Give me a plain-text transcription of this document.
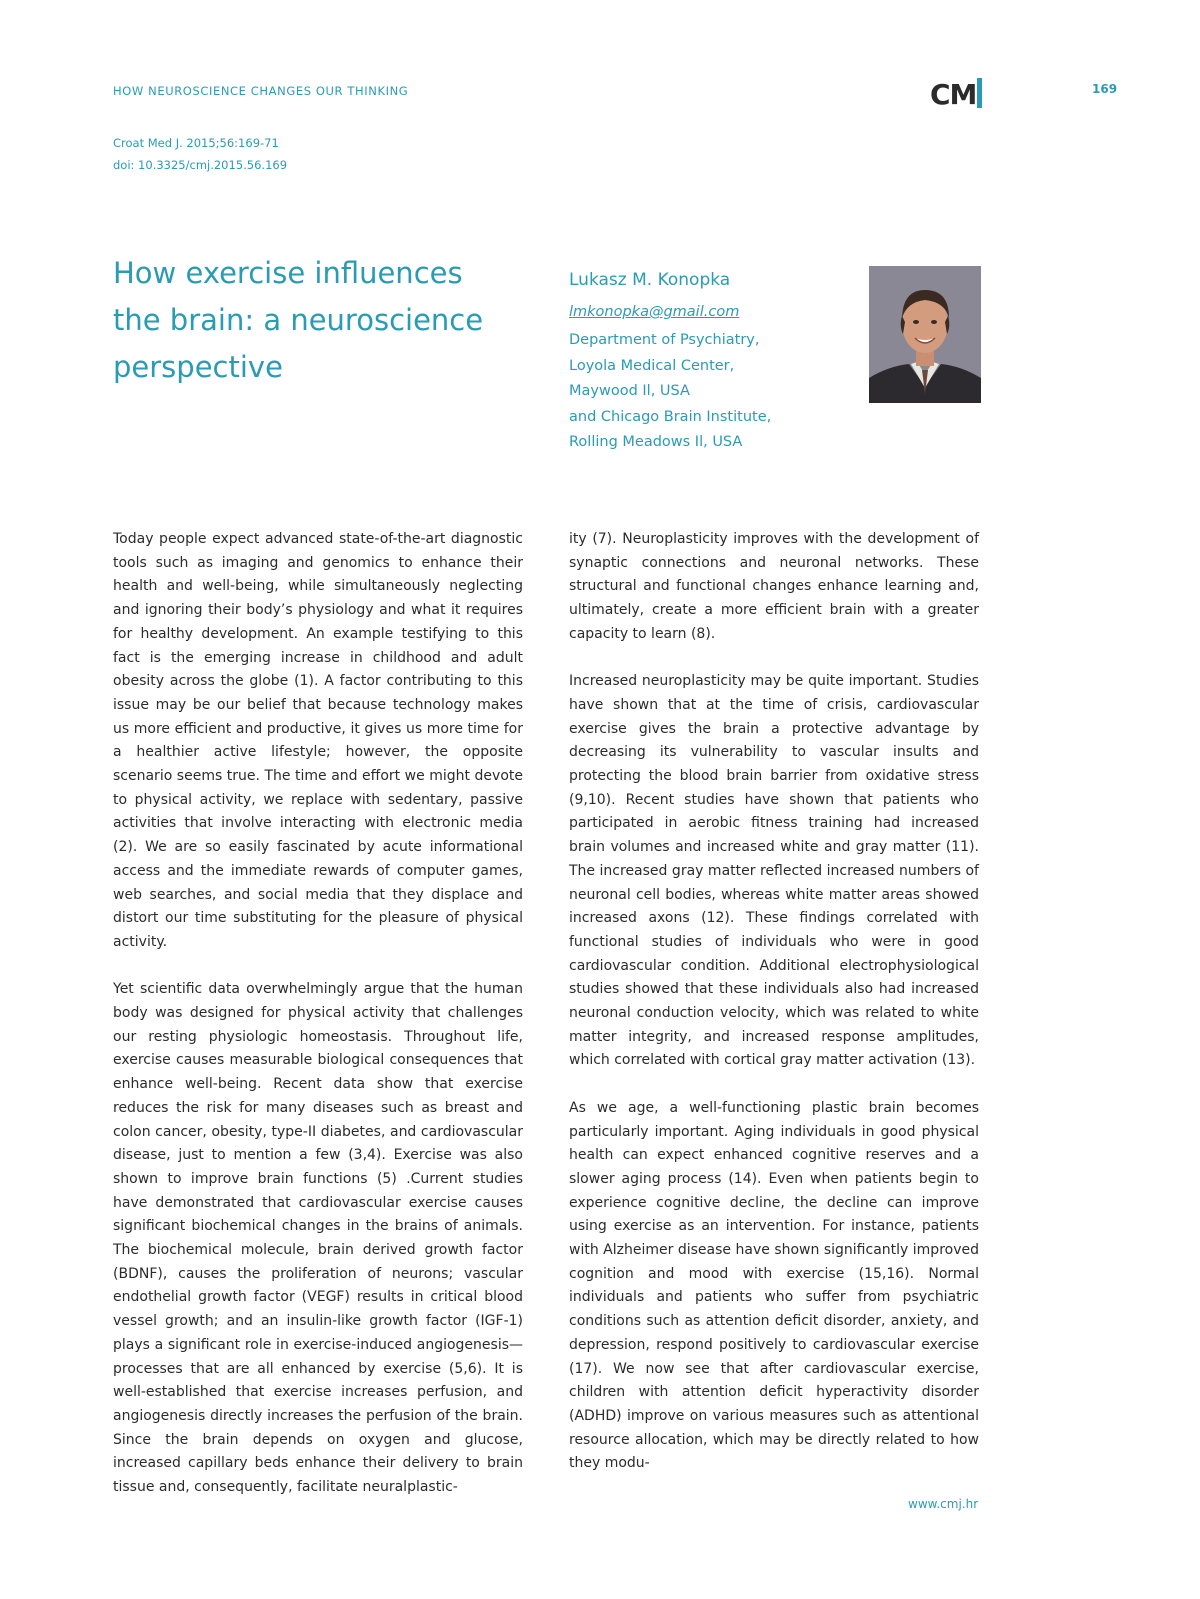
HOW NEUROSCIENCE CHANGES OUR THINKING	CM	169
Croat Med J. 2015;56:169-71
doi: 10.3325/cmj.2015.56.169
How exercise influences
the brain: a neuroscience
perspective
Lukasz M. Konopka
lmkonopka@gmail.com
Department of Psychiatry,
Loyola Medical Center,
Maywood Il, USA
and Chicago Brain Institute,
Rolling Meadows Il, USA

Today people expect advanced state-of-the-art diagnostic tools such as imaging and genomics to enhance their health and well-being, while simultaneously neglecting and ignoring their body’s physiology and what it requires for healthy development. An example testifying to this fact is the emerging increase in childhood and adult obesity across the globe (1). A factor contributing to this issue may be our belief that because technology makes us more efficient and productive, it gives us more time for a healthier active lifestyle; however, the opposite scenario seems true. The time and effort we might devote to physical activity, we replace with sedentary, passive activities that involve interacting with electronic media (2). We are so easily fascinated by acute informational access and the immediate rewards of computer games, web searches, and social media that they displace and distort our time substituting for the pleasure of physical activity.

Yet scientific data overwhelmingly argue that the human body was designed for physical activity that challenges our resting physiologic homeostasis. Throughout life, exercise causes measurable biological consequences that enhance well-being. Recent data show that exercise reduces the risk for many diseases such as breast and colon cancer, obesity, type-II diabetes, and cardiovascular disease, just to mention a few (3,4). Exercise was also shown to improve brain functions (5) .Current studies have demonstrated that cardiovascular exercise causes significant biochemical changes in the brains of animals. The biochemical molecule, brain derived growth factor (BDNF), causes the proliferation of neurons; vascular endothelial growth factor (VEGF) results in critical blood vessel growth; and an insulin-like growth factor (IGF-1) plays a significant role in exercise-induced angiogenesis—processes that are all enhanced by exercise (5,6). It is well-established that exercise increases perfusion, and angiogenesis directly increases the perfusion of the brain. Since the brain depends on oxygen and glucose, increased capillary beds enhance their delivery to brain tissue and, consequently, facilitate neuralplastic-

ity (7). Neuroplasticity improves with the development of synaptic connections and neuronal networks. These structural and functional changes enhance learning and, ultimately, create a more efficient brain with a greater capacity to learn (8).

Increased neuroplasticity may be quite important. Studies have shown that at the time of crisis, cardiovascular exercise gives the brain a protective advantage by decreasing its vulnerability to vascular insults and protecting the blood brain barrier from oxidative stress (9,10). Recent studies have shown that patients who participated in aerobic fitness training had increased brain volumes and increased white and gray matter (11). The increased gray matter reflected increased numbers of neuronal cell bodies, whereas white matter areas showed increased axons (12). These findings correlated with functional studies of individuals who were in good cardiovascular condition. Additional electrophysiological studies showed that these individuals also had increased neuronal conduction velocity, which was related to white matter integrity, and increased response amplitudes, which correlated with cortical gray matter activation (13).

As we age, a well-functioning plastic brain becomes particularly important. Aging individuals in good physical health can expect enhanced cognitive reserves and a slower aging process (14). Even when patients begin to experience cognitive decline, the decline can improve using exercise as an intervention. For instance, patients with Alzheimer disease have shown significantly improved cognition and mood with exercise (15,16). Normal individuals and patients who suffer from psychiatric conditions such as attention deficit disorder, anxiety, and depression, respond positively to cardiovascular exercise (17). We now see that after cardiovascular exercise, children with attention deficit hyperactivity disorder (ADHD) improve on various measures such as attentional resource allocation, which may be directly related to how they modu-

www.cmj.hr
